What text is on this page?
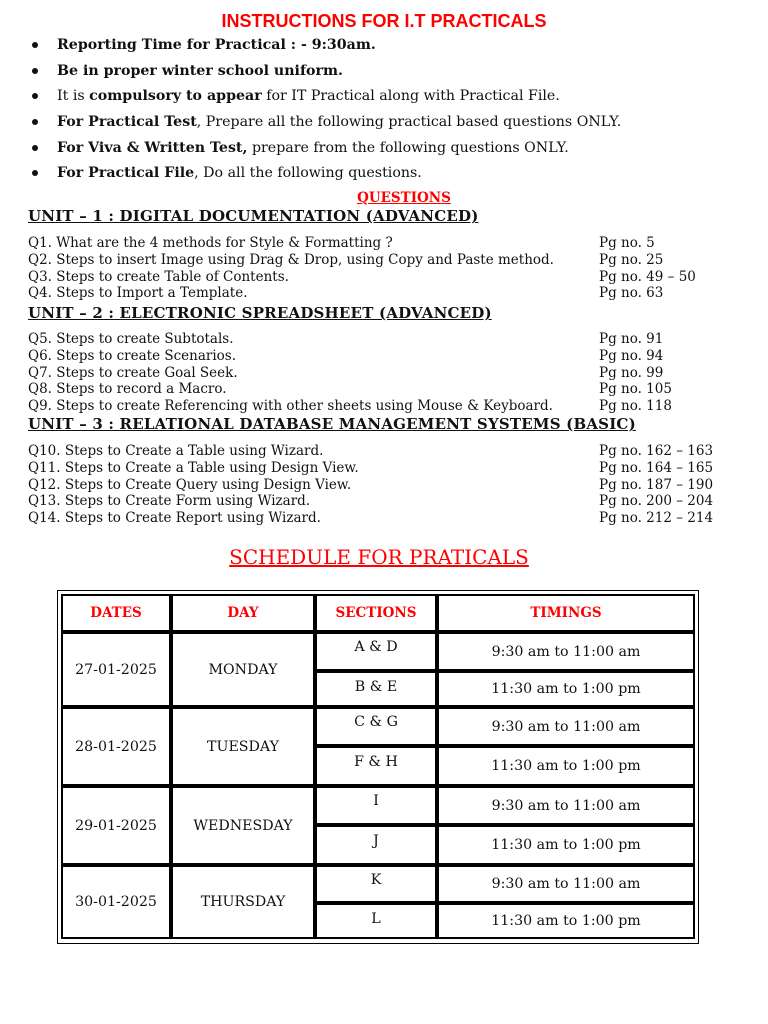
INSTRUCTIONS FOR I.T PRACTICALS
Reporting Time for Practical : - 9:30am.
Be in proper winter school uniform.
It is compulsory to appear for IT Practical along with Practical File.
For Practical Test, Prepare all the following practical based questions ONLY.
For Viva & Written Test, prepare from the following questions ONLY.
For Practical File, Do all the following questions.
QUESTIONS
UNIT – 1 : DIGITAL DOCUMENTATION (ADVANCED)
Q1. What are the 4 methods for Style & Formatting ?	Pg no. 5
Q2. Steps to insert Image using Drag & Drop, using Copy and Paste method.	Pg no. 25
Q3. Steps to create Table of Contents.	Pg no. 49 – 50
Q4. Steps to Import a Template.	Pg no. 63
UNIT – 2 : ELECTRONIC SPREADSHEET (ADVANCED)
Q5. Steps to create Subtotals.	Pg no. 91
Q6. Steps to create Scenarios.	Pg no. 94
Q7. Steps to create Goal Seek.	Pg no. 99
Q8. Steps to record a Macro.	Pg no. 105
Q9. Steps to create Referencing with other sheets using Mouse & Keyboard.	Pg no. 118
UNIT – 3 : RELATIONAL DATABASE MANAGEMENT SYSTEMS (BASIC)
Q10. Steps to Create a Table using Wizard.	Pg no. 162 – 163
Q11. Steps to Create a Table using Design View.	Pg no. 164 – 165
Q12. Steps to Create Query using Design View.	Pg no. 187 – 190
Q13. Steps to Create Form using Wizard.	Pg no. 200 – 204
Q14. Steps to Create Report using Wizard.	Pg no. 212 – 214
SCHEDULE FOR PRATICALS
DATES	DAY	SECTIONS	TIMINGS
27-01-2025	MONDAY
A & D	9:30 am to 11:00 am
B & E	11:30 am to 1:00 pm
28-01-2025	TUESDAY
C & G	9:30 am to 11:00 am
F & H	11:30 am to 1:00 pm
29-01-2025	WEDNESDAY
I	9:30 am to 11:00 am
J	11:30 am to 1:00 pm
30-01-2025	THURSDAY
K	9:30 am to 11:00 am
L	11:30 am to 1:00 pm
